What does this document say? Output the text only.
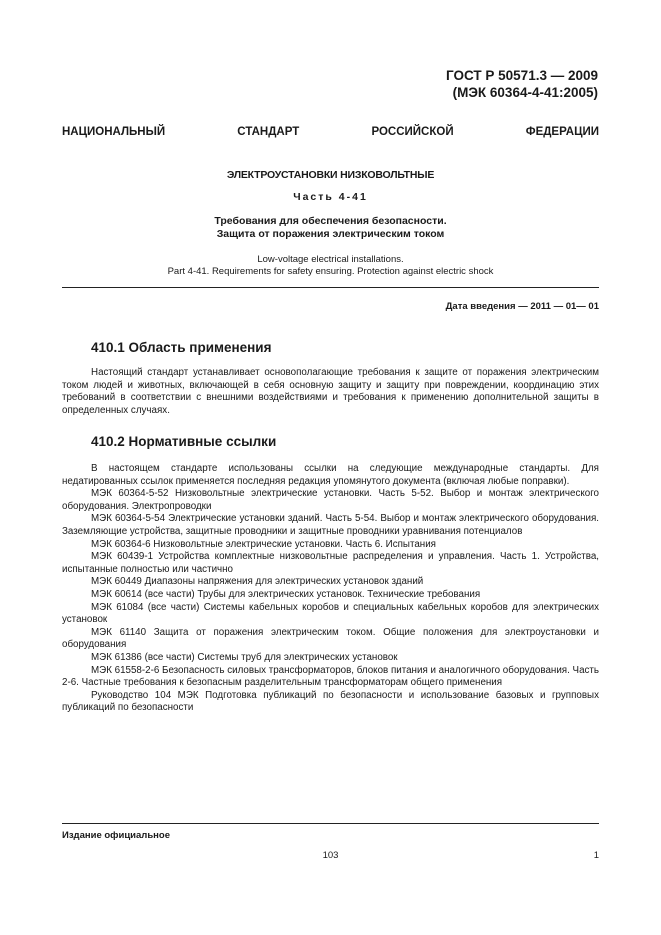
ГОСТ Р 50571.3 — 2009
(МЭК 60364-4-41:2005)
НАЦИОНАЛЬНЫЙ СТАНДАРТ РОССИЙСКОЙ ФЕДЕРАЦИИ
ЭЛЕКТРОУСТАНОВКИ НИЗКОВОЛЬТНЫЕ
Часть 4-41
Требования для обеспечения безопасности.
Защита от поражения электрическим током
Low-voltage electrical installations.
Part 4-41. Requirements for safety ensuring. Protection against electric shock
Дата введения — 2011 — 01— 01
410.1 Область применения

Настоящий стандарт устанавливает основополагающие требования к защите от поражения электрическим током людей и животных, включающей в себя основную защиту и защиту при повреждении, координацию этих требований в соответствии с внешними воздействиями и требования к применению дополнительной защиты в определенных случаях.

410.2 Нормативные ссылки

В настоящем стандарте использованы ссылки на следующие международные стандарты. Для недатированных ссылок применяется последняя редакция упомянутого документа (включая любые поправки).

МЭК 60364-5-52 Низковольтные электрические установки. Часть 5-52. Выбор и монтаж электрического оборудования. Электропроводки

МЭК 60364-5-54 Электрические установки зданий. Часть 5-54. Выбор и монтаж электрического оборудования. Заземляющие устройства, защитные проводники и защитные проводники уравнивания потенциалов

МЭК 60364-6 Низковольтные электрические установки. Часть 6. Испытания

МЭК 60439-1 Устройства комплектные низковольтные распределения и управления. Часть 1. Устройства, испытанные полностью или частично

МЭК 60449 Диапазоны напряжения для электрических установок зданий

МЭК 60614 (все части) Трубы для электрических установок. Технические требования

МЭК 61084 (все части) Системы кабельных коробов и специальных кабельных коробов для электрических установок

МЭК 61140 Защита от поражения электрическим током. Общие положения для электроустановки и оборудования

МЭК 61386 (все части) Системы труб для электрических установок

МЭК 61558-2-6 Безопасность силовых трансформаторов, блоков питания и аналогичного оборудования. Часть 2-6. Частные требования к безопасным разделительным трансформаторам общего применения

Руководство 104 МЭК Подготовка публикаций по безопасности и использование базовых и групповых публикаций по безопасности

Издание официальное
103	1
